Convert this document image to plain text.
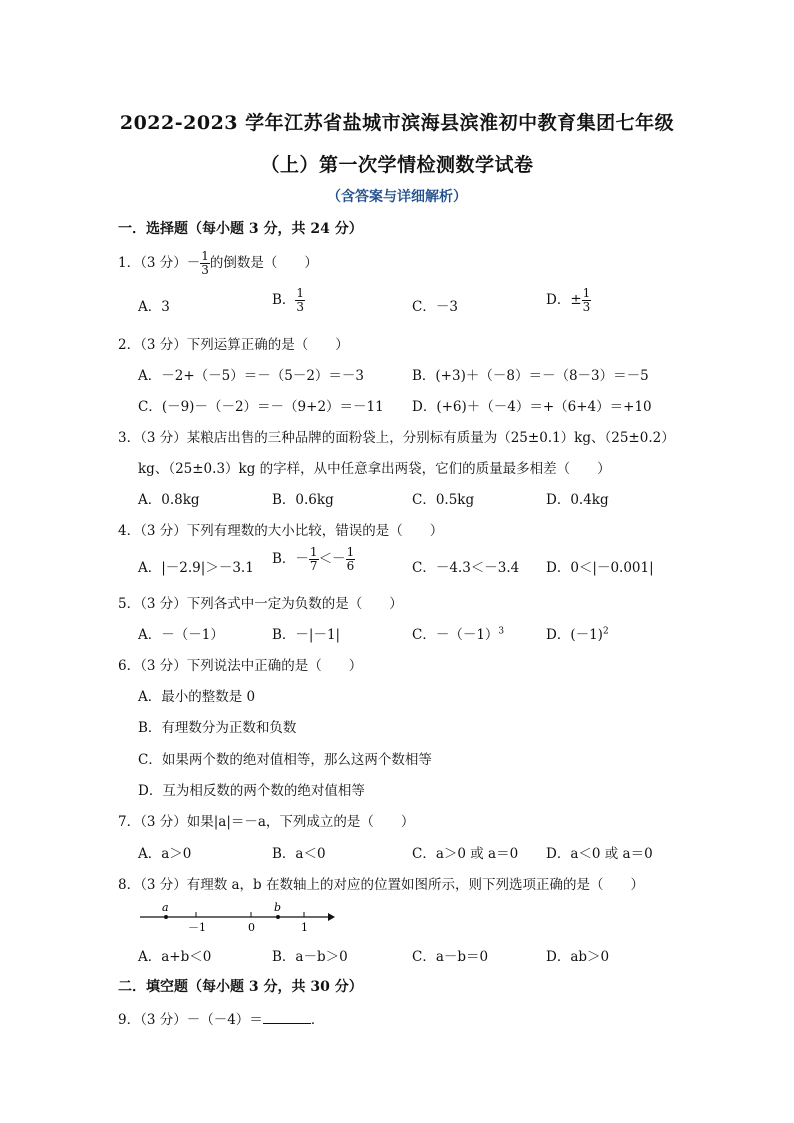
2022-2023 学年江苏省盐城市滨海县滨淮初中教育集团七年级
（上）第一次学情检测数学试卷
（含答案与详细解析）
一．选择题（每小题 3 分，共 24 分）
1．（3 分）－ $\frac{1}{3}$ 的倒数是（　　）
A．3	B． $\frac{1}{3}$	C．－3	D．± $\frac{1}{3}$
2．（3 分）下列运算正确的是（　　）
A．－2+（－5）＝－（5－2）＝－3	B．(+3)＋（－8）＝－（8－3）＝－5
C．(－9)－（－2）＝－（9+2）＝－11 D．(+6)＋（－4）＝+（6+4）＝+10
3．（3 分）某粮店出售的三种品牌的面粉袋上，分别标有质量为（25±0.1）kg、（25±0.2）
kg、（25±0.3）kg 的字样，从中任意拿出两袋，它们的质量最多相差（　　）
A．0.8kg	B．0.6kg	C．0.5kg	D．0.4kg
4．（3 分）下列有理数的大小比较，错误的是（　　）
A．|－2.9|＞－3.1
B．－ $\frac{1}{7} <- \frac{1}{6}$	C．－4.3＜－3.4 D．0＜|－0.001|
5．（3 分）下列各式中一定为负数的是（　　）
A．－（－1）	B．－|－1|	C．$-(-1)^3$	D．$(-1)^2$
6．（3 分）下列说法中正确的是（　　）
A．最小的整数是 0
B．有理数分为正数和负数
C．如果两个数的绝对值相等，那么这两个数相等
D．互为相反数的两个数的绝对值相等
7．（3 分）如果|a|＝－a，下列成立的是（　　）
A．a＞0	B．a＜0	C．a＞0 或 a＝0 D．a＜0 或 a＝0
8．（3 分）有理数 a，b 在数轴上的对应的位置如图所示，则下列选项正确的是（　　）
a
－1	0
b
1
A．a+b＜0	B．a－b＞0	C．a－b＝0	D．ab＞0
二．填空题（每小题 3 分，共 30 分）
9．（3 分）－（－4）＝	．
